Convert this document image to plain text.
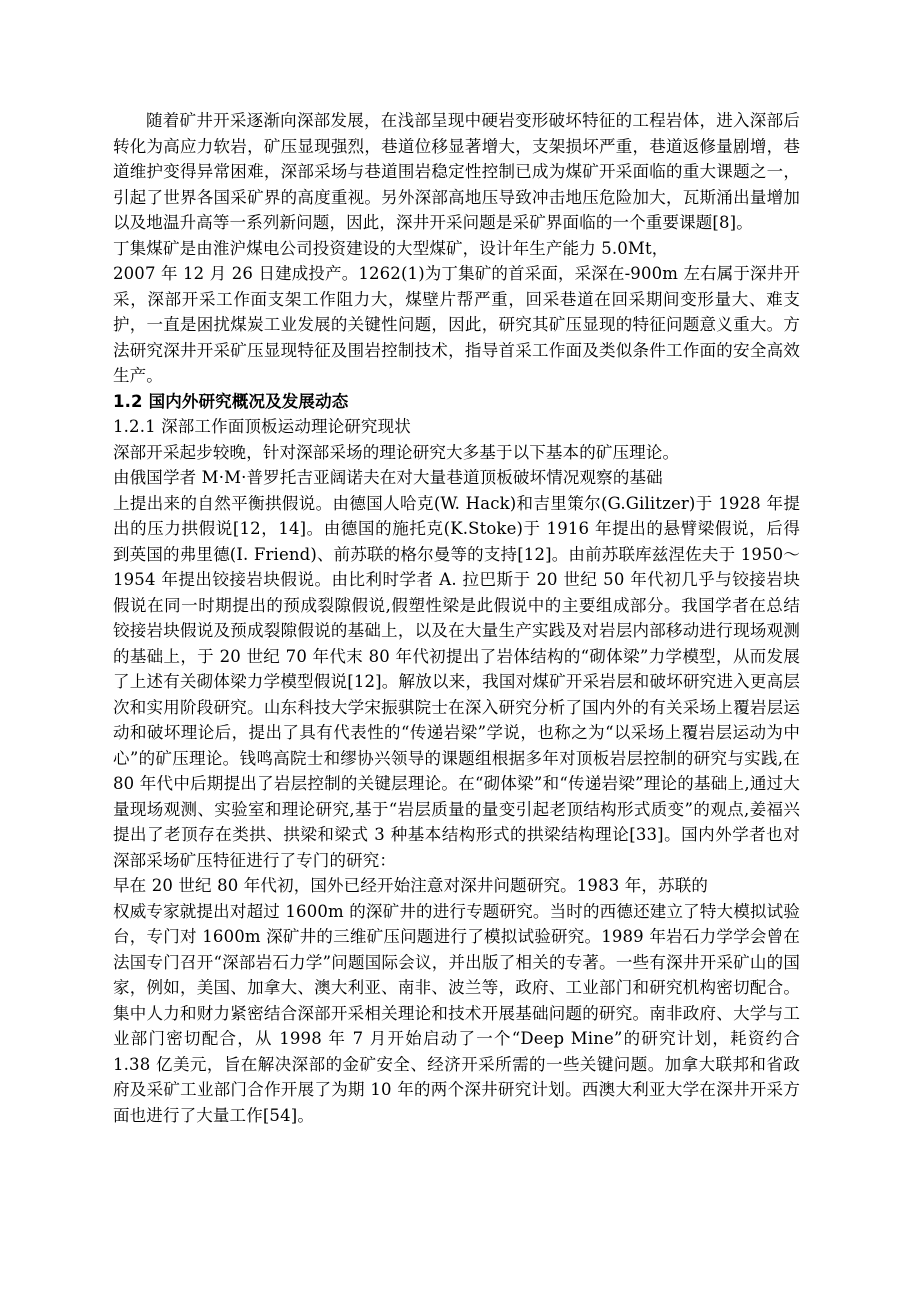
随着矿井开采逐渐向深部发展，在浅部呈现中硬岩变形破坏特征的工程岩体，进入深部后转化为高应力软岩，矿压显现强烈，巷道位移显著增大，支架损坏严重，巷道返修量剧增，巷道维护变得异常困难，深部采场与巷道围岩稳定性控制已成为煤矿开采面临的重大课题之一，引起了世界各国采矿界的高度重视。另外深部高地压导致冲击地压危险加大，瓦斯涌出量增加以及地温升高等一系列新问题，因此，深井开采问题是采矿界面临的一个重要课题[8]。

丁集煤矿是由淮沪煤电公司投资建设的大型煤矿，设计年生产能力 5.0Mt，

2007 年 12 月 26 日建成投产。1262(1)为丁集矿的首采面，采深在-900m 左右属于深井开采，深部开采工作面支架工作阻力大，煤壁片帮严重，回采巷道在回采期间变形量大、难支护，一直是困扰煤炭工业发展的关键性问题，因此，研究其矿压显现的特征问题意义重大。方法研究深井开采矿压显现特征及围岩控制技术，指导首采工作面及类似条件工作面的安全高效生产。

1.2 国内外研究概况及发展动态

1.2.1 深部工作面顶板运动理论研究现状

深部开采起步较晚，针对深部采场的理论研究大多基于以下基本的矿压理论。

由俄国学者 M·M·普罗托吉亚阔诺夫在对大量巷道顶板破坏情况观察的基础

上提出来的自然平衡拱假说。由德国人哈克(W. Hack)和吉里策尔(G.Gilitzer)于 1928 年提出的压力拱假说[12，14]。由德国的施托克(K.Stoke)于 1916 年提出的悬臂梁假说，后得到英国的弗里德(I. Friend)、前苏联的格尔曼等的支持[12]。由前苏联库兹涅佐夫于 1950～1954 年提出铰接岩块假说。由比利时学者 A. 拉巴斯于 20 世纪 50 年代初几乎与铰接岩块假说在同一时期提出的预成裂隙假说,假塑性梁是此假说中的主要组成部分。我国学者在总结铰接岩块假说及预成裂隙假说的基础上，以及在大量生产实践及对岩层内部移动进行现场观测的基础上，于 20 世纪 70 年代末 80 年代初提出了岩体结构的“砌体梁”力学模型，从而发展了上述有关砌体梁力学模型假说[12]。解放以来，我国对煤矿开采岩层和破坏研究进入更高层次和实用阶段研究。山东科技大学宋振骐院士在深入研究分析了国内外的有关采场上覆岩层运动和破坏理论后，提出了具有代表性的“传递岩梁”学说，也称之为“以采场上覆岩层运动为中心”的矿压理论。钱鸣高院士和缪协兴领导的课题组根据多年对顶板岩层控制的研究与实践,在 80 年代中后期提出了岩层控制的关键层理论。在“砌体梁”和“传递岩梁”理论的基础上,通过大量现场观测、实验室和理论研究,基于“岩层质量的量变引起老顶结构形式质变”的观点,姜福兴提出了老顶存在类拱、拱梁和梁式 3 种基本结构形式的拱梁结构理论[33]。国内外学者也对深部采场矿压特征进行了专门的研究：

早在 20 世纪 80 年代初，国外已经开始注意对深井问题研究。1983 年，苏联的

权威专家就提出对超过 1600m 的深矿井的进行专题研究。当时的西德还建立了特大模拟试验台，专门对 1600m 深矿井的三维矿压问题进行了模拟试验研究。1989 年岩石力学学会曾在法国专门召开“深部岩石力学”问题国际会议，并出版了相关的专著。一些有深井开采矿山的国家，例如，美国、加拿大、澳大利亚、南非、波兰等，政府、工业部门和研究机构密切配合。集中人力和财力紧密结合深部开采相关理论和技术开展基础问题的研究。南非政府、大学与工业部门密切配合，从 1998 年 7 月开始启动了一个“Deep Mine”的研究计划，耗资约合 1.38 亿美元，旨在解决深部的金矿安全、经济开采所需的一些关键问题。加拿大联邦和省政府及采矿工业部门合作开展了为期 10 年的两个深井研究计划。西澳大利亚大学在深井开采方面也进行了大量工作[54]。
